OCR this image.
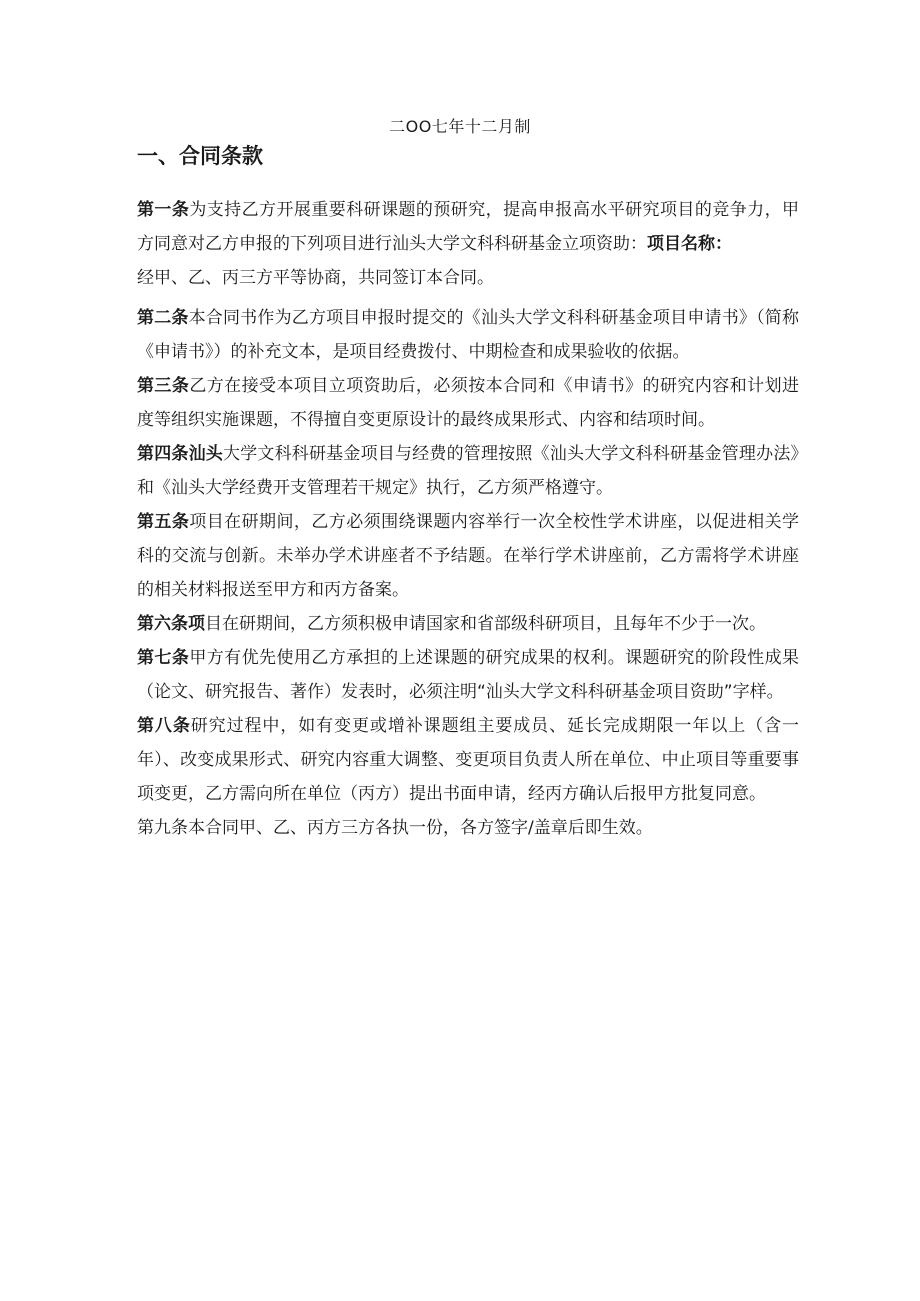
二OO七年十二月制
一、合同条款

第一条为支持乙方开展重要科研课题的预研究，提高申报高水平研究项目的竞争力，甲方同意对乙方申报的下列项目进行汕头大学文科科研基金立项资助：项目名称：

经甲、乙、丙三方平等协商，共同签订本合同。

第二条本合同书作为乙方项目申报时提交的《汕头大学文科科研基金项目申请书》（简称《申请书》）的补充文本，是项目经费拨付、中期检查和成果验收的依据。

第三条乙方在接受本项目立项资助后，必须按本合同和《申请书》的研究内容和计划进度等组织实施课题，不得擅自变更原设计的最终成果形式、内容和结项时间。

第四条汕头大学文科科研基金项目与经费的管理按照《汕头大学文科科研基金管理办法》和《汕头大学经费开支管理若干规定》执行，乙方须严格遵守。

第五条项目在研期间，乙方必须围绕课题内容举行一次全校性学术讲座，以促进相关学科的交流与创新。未举办学术讲座者不予结题。在举行学术讲座前，乙方需将学术讲座的相关材料报送至甲方和丙方备案。

第六条项目在研期间，乙方须积极申请国家和省部级科研项目，且每年不少于一次。

第七条甲方有优先使用乙方承担的上述课题的研究成果的权利。课题研究的阶段性成果（论文、研究报告、著作）发表时，必须注明“汕头大学文科科研基金项目资助”字样。

第八条研究过程中，如有变更或增补课题组主要成员、延长完成期限一年以上（含一年）、改变成果形式、研究内容重大调整、变更项目负责人所在单位、中止项目等重要事项变更，乙方需向所在单位（丙方）提出书面申请，经丙方确认后报甲方批复同意。

第九条本合同甲、乙、丙方三方各执一份，各方签字/盖章后即生效。
